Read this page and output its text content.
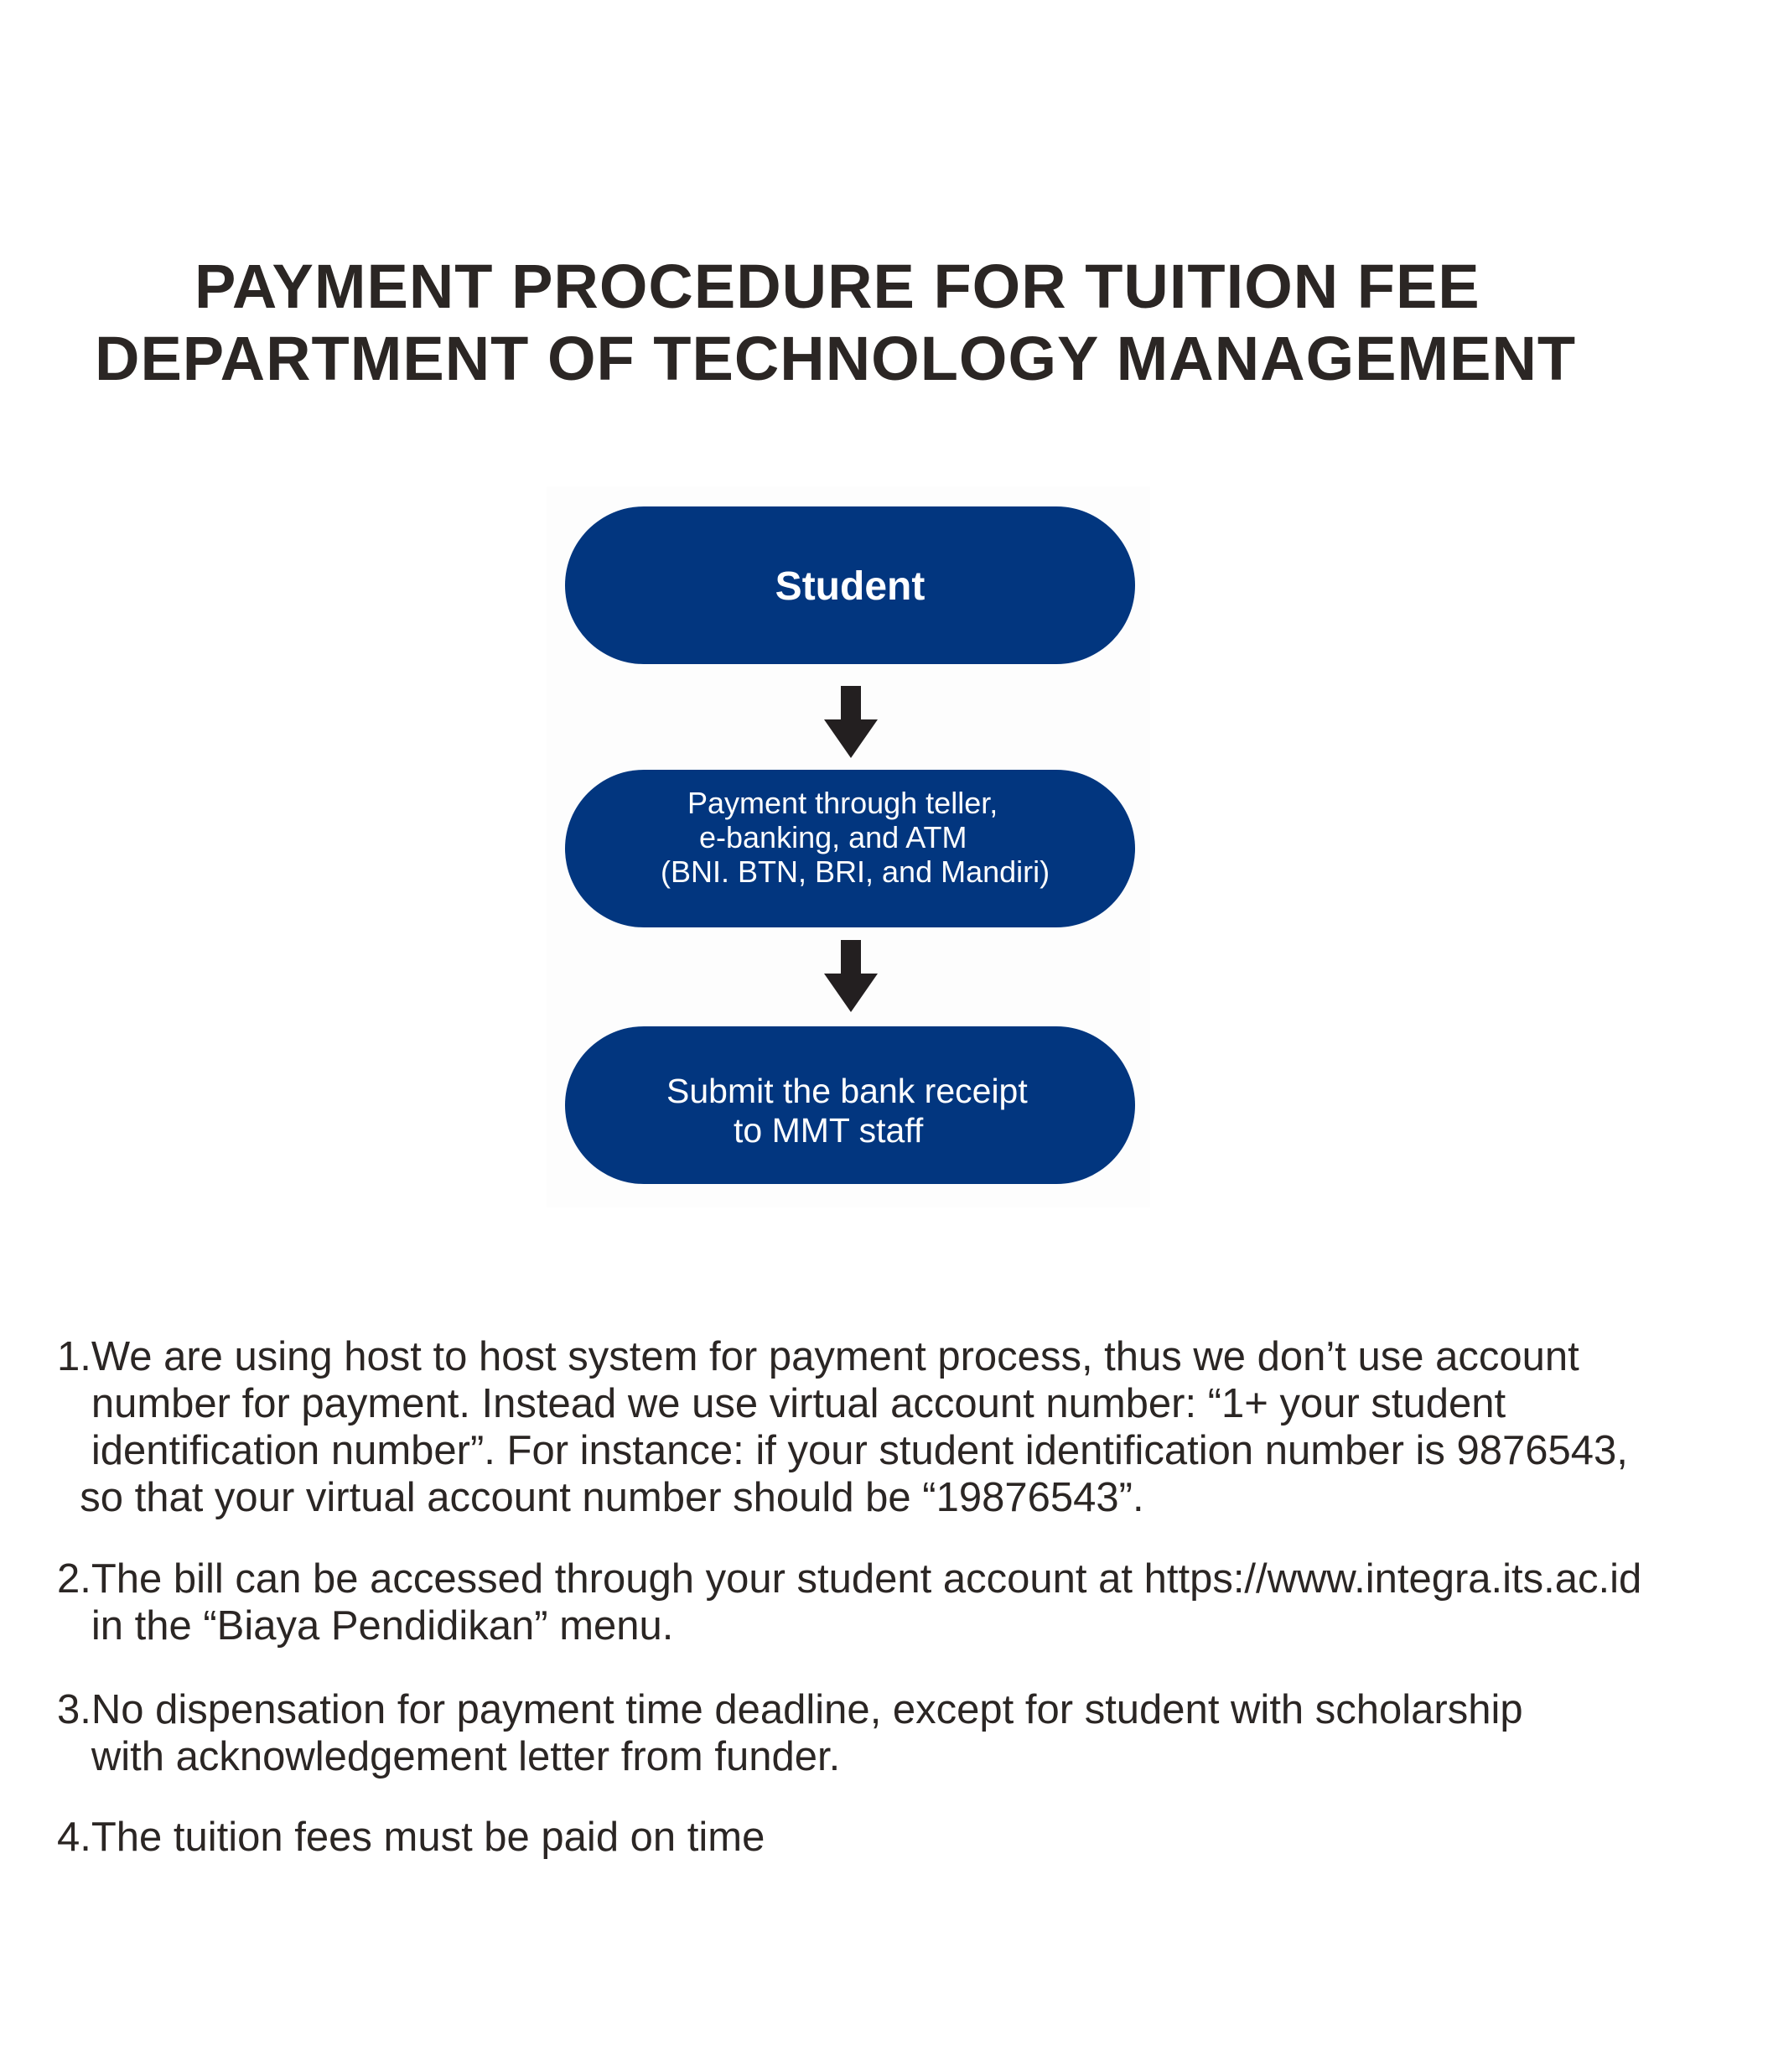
PAYMENT PROCEDURE FOR TUITION FEE
DEPARTMENT OF TECHNOLOGY MANAGEMENT
Student
Payment through teller,
e-banking, and ATM
(BNI. BTN, BRI, and Mandiri)
Submit the bank receipt
to MMT staff

1.We are using host to host system for payment process, thus we don’t use account
number for payment. Instead we use virtual account number: “1+ your student
identification number”. For instance: if your student identification number is 9876543,
so that your virtual account number should be “19876543”.

2.The bill can be accessed through your student account at https://www.integra.its.ac.id
in the “Biaya Pendidikan” menu.

3.No dispensation for payment time deadline, except for student with scholarship
with acknowledgement letter from funder.

4.The tuition fees must be paid on time
